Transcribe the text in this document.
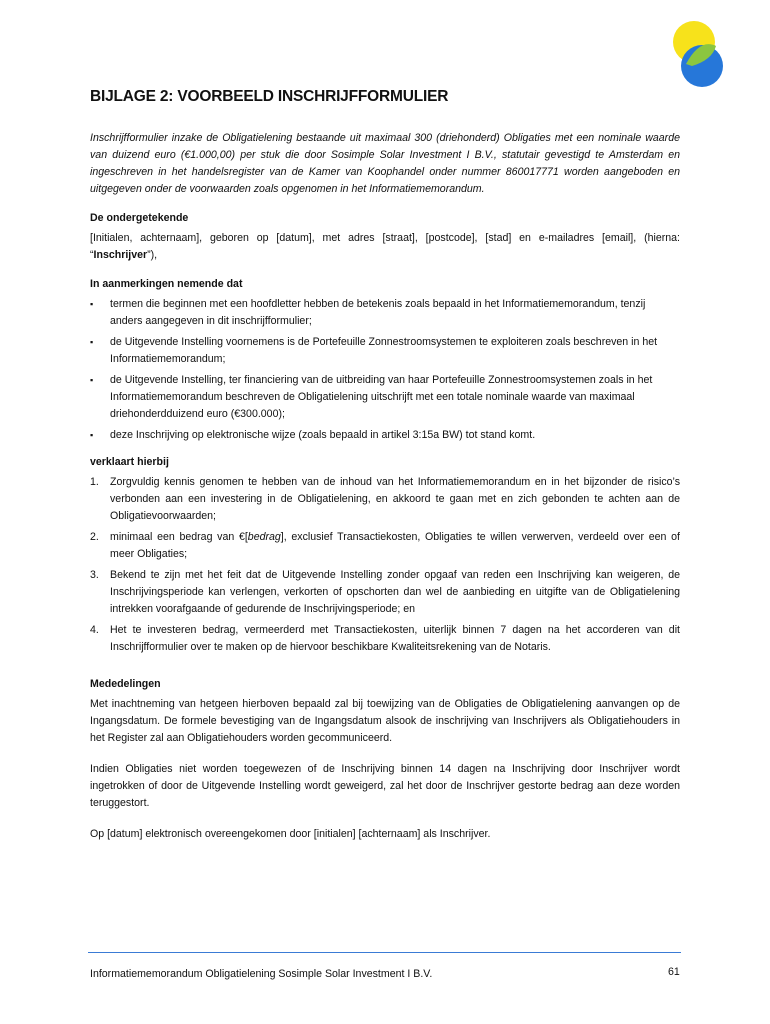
BIJLAGE 2: VOORBEELD INSCHRIJFFORMULIER

Inschrijfformulier inzake de Obligatielening bestaande uit maximaal 300 (driehonderd) Obligaties met een nominale waarde van duizend euro (€1.000,00) per stuk die door Sosimple Solar Investment I B.V., statutair gevestigd te Amsterdam en ingeschreven in het handelsregister van de Kamer van Koophandel onder nummer 860017771 worden aangeboden en uitgegeven onder de voorwaarden zoals opgenomen in het Informatiememorandum.

De ondergetekende

[Initialen, achternaam], geboren op [datum], met adres [straat], [postcode], [stad] en e-mailadres [email], (hierna: “Inschrijver”),

In aanmerkingen nemende dat
▪ termen die beginnen met een hoofdletter hebben de betekenis zoals bepaald in het Informatiememorandum, tenzij anders aangegeven in dit inschrijfformulier;
▪ de Uitgevende Instelling voornemens is de Portefeuille Zonnestroomsystemen te exploiteren zoals beschreven in het Informatiememorandum;
▪ de Uitgevende Instelling, ter financiering van de uitbreiding van haar Portefeuille Zonnestroomsystemen zoals in het Informatiememorandum beschreven de Obligatielening uitschrijft met een totale nominale waarde van maximaal driehonderdduizend euro (€300.000);
▪ deze Inschrijving op elektronische wijze (zoals bepaald in artikel 3:15a BW) tot stand komt.
verklaart hierbij
1. Zorgvuldig kennis genomen te hebben van de inhoud van het Informatiememorandum en in het bijzonder de risico’s verbonden aan een investering in de Obligatielening, en akkoord te gaan met en zich gebonden te achten aan de Obligatievoorwaarden;
2. minimaal een bedrag van €[bedrag], exclusief Transactiekosten, Obligaties te willen verwerven, verdeeld over een of meer Obligaties;
3. Bekend te zijn met het feit dat de Uitgevende Instelling zonder opgaaf van reden een Inschrijving kan weigeren, de Inschrijvingsperiode kan verlengen, verkorten of opschorten dan wel de aanbieding en uitgifte van de Obligatielening intrekken voorafgaande of gedurende de Inschrijvingsperiode; en
4. Het te investeren bedrag, vermeerderd met Transactiekosten, uiterlijk binnen 7 dagen na het accorderen van dit Inschrijfformulier over te maken op de hiervoor beschikbare Kwaliteitsrekening van de Notaris.
Mededelingen

Met inachtneming van hetgeen hierboven bepaald zal bij toewijzing van de Obligaties de Obligatielening aanvangen op de Ingangsdatum. De formele bevestiging van de Ingangsdatum alsook de inschrijving van Inschrijvers als Obligatiehouders in het Register zal aan Obligatiehouders worden gecommuniceerd.

Indien Obligaties niet worden toegewezen of de Inschrijving binnen 14 dagen na Inschrijving door Inschrijver wordt ingetrokken of door de Uitgevende Instelling wordt geweigerd, zal het door de Inschrijver gestorte bedrag aan deze worden teruggestort.

Op [datum] elektronisch overeengekomen door [initialen] [achternaam] als Inschrijver.

Informatiememorandum Obligatielening Sosimple Solar Investment I B.V.	61
